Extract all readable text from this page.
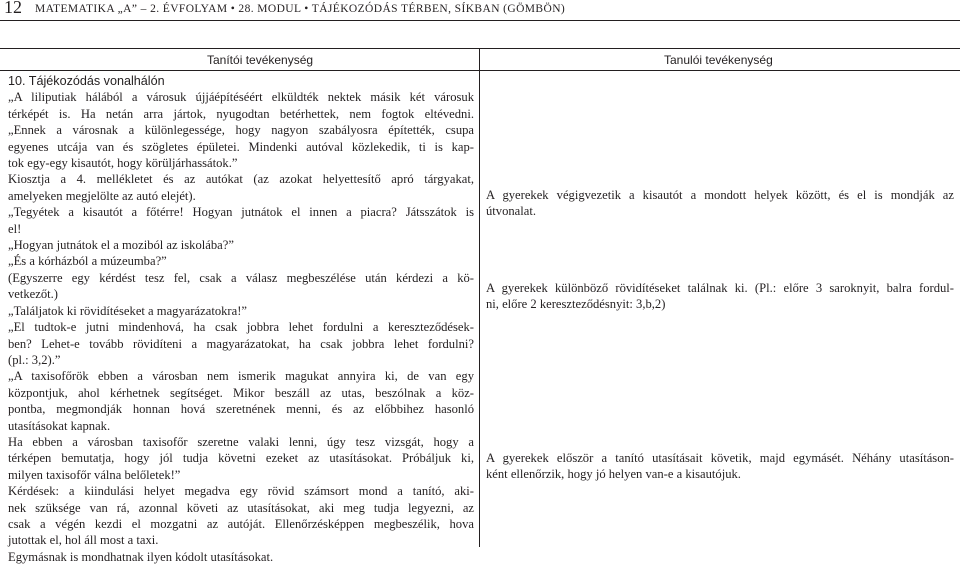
12 MATEMATIKA „A” – 2. ÉVFOLYAM • 28. MODUL • TÁJÉKOZÓDÁS TÉRBEN, SÍKBAN (GÖMBÖN)
Tanítói tevékenység	Tanulói tevékenység

10. Tájékozódás vonalhálón

„A liliputiak hálából a városuk újjáépítéséért elküldték nektek másik két városuk

térképét is. Ha netán arra jártok, nyugodtan betérhettek, nem fogtok eltévedni.

„Ennek a városnak a különlegessége, hogy nagyon szabályosra építették, csupa

egyenes utcája van és szögletes épületei. Mindenki autóval közlekedik, ti is kap-

tok egy-egy kisautót, hogy körüljárhassátok.”

Kiosztja a 4. mellékletet és az autókat (az azokat helyettesítő apró tárgyakat,

amelyeken megjelölte az autó elejét).

„Tegyétek a kisautót a főtérre! Hogyan jutnátok el innen a piacra? Játsszátok is

el!

„Hogyan jutnátok el a moziból az iskolába?”

„És a kórházból a múzeumba?”

(Egyszerre egy kérdést tesz fel, csak a válasz megbeszélése után kérdezi a kö-

vetkezőt.)

„Találjatok ki rövidítéseket a magyarázatokra!”

„El tudtok-e jutni mindenhová, ha csak jobbra lehet fordulni a kereszteződések-

ben? Lehet-e tovább rövidíteni a magyarázatokat, ha csak jobbra lehet fordulni?

(pl.: 3,2).”

„A taxisofőrök ebben a városban nem ismerik magukat annyira ki, de van egy

központjuk, ahol kérhetnek segítséget. Mikor beszáll az utas, beszólnak a köz-

pontba, megmondják honnan hová szeretnének menni, és az előbbihez hasonló

utasításokat kapnak.

Ha ebben a városban taxisofőr szeretne valaki lenni, úgy tesz vizsgát, hogy a

térképen bemutatja, hogy jól tudja követni ezeket az utasításokat. Próbáljuk ki,

milyen taxisofőr válna belőletek!”

Kérdések: a kiindulási helyet megadva egy rövid számsort mond a tanító, aki-

nek szüksége van rá, azonnal követi az utasításokat, aki meg tudja legyezni, az

csak a végén kezdi el mozgatni az autóját. Ellenőrzésképpen megbeszélik, hova

jutottak el, hol áll most a taxi.

Egymásnak is mondhatnak ilyen kódolt utasításokat.

A gyerekek végigvezetik a kisautót a mondott helyek között, és el is mondják az

útvonalat.

A gyerekek különböző rövidítéseket találnak ki. (Pl.: előre 3 saroknyit, balra fordul-

ni, előre 2 kereszteződésnyit: 3,b,2)

A gyerekek először a tanító utasításait követik, majd egymásét. Néhány utasításon-

ként ellenőrzik, hogy jó helyen van-e a kisautójuk.
